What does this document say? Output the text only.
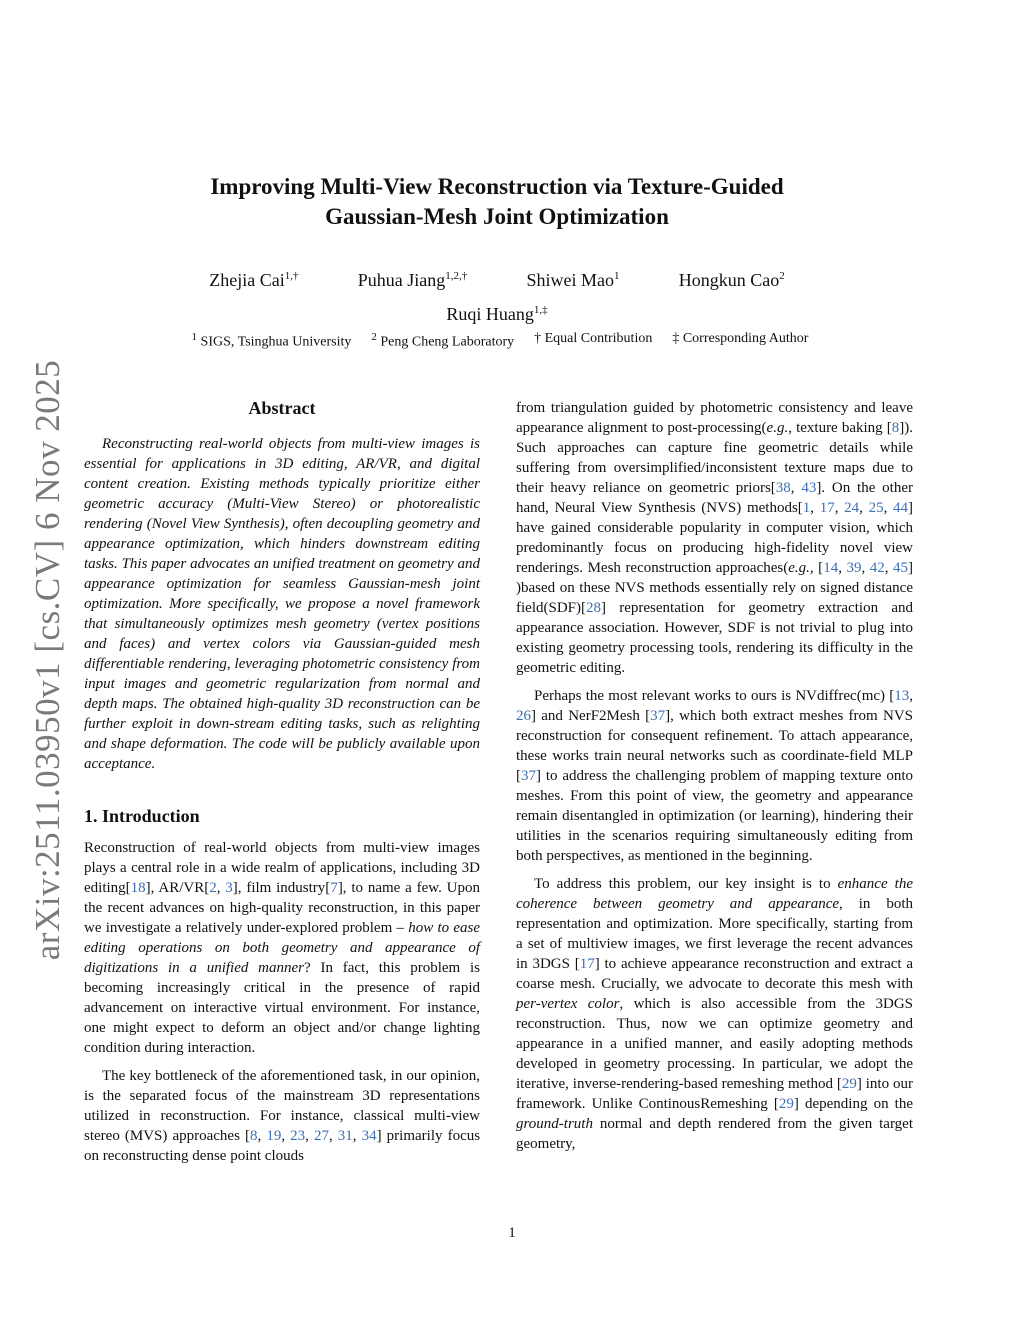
arXiv:2511.03950v1 [cs.CV] 6 Nov 2025
Improving Multi-View Reconstruction via Texture-Guided
Gaussian-Mesh Joint Optimization
Zhejia Cai$^{1,\dagger}$	Puhua Jiang$^{1,2,\dagger}$	Shiwei Mao$^1$	Hongkun Cao$^2$
Ruqi Huang$^{1,\ddagger}$
$^1$ SIGS, Tsinghua University $^2$ Peng Cheng Laboratory † Equal Contribution ‡ Corresponding Author
Abstract

Reconstructing real-world objects from multi-view images is essential for applications in 3D editing, AR/VR, and digital content creation. Existing methods typically prioritize either geometric accuracy (Multi-View Stereo) or photorealistic rendering (Novel View Synthesis), often decoupling geometry and appearance optimization, which hinders downstream editing tasks. This paper advocates an unified treatment on geometry and appearance optimization for seamless Gaussian-mesh joint optimization. More specifically, we propose a novel framework that simultaneously optimizes mesh geometry (vertex positions and faces) and vertex colors via Gaussian-guided mesh differentiable rendering, leveraging photometric consistency from input images and geometric regularization from normal and depth maps. The obtained high-quality 3D reconstruction can be further exploit in down-stream editing tasks, such as relighting and shape deformation. The code will be publicly available upon acceptance.

1. Introduction

Reconstruction of real-world objects from multi-view images plays a central role in a wide realm of applications, including 3D editing[18], AR/VR[2, 3], film industry[7], to name a few. Upon the recent advances on high-quality reconstruction, in this paper we investigate a relatively under-explored problem – how to ease editing operations on both geometry and appearance of digitizations in a unified manner? In fact, this problem is becoming increasingly critical in the presence of rapid advancement on interactive virtual environment. For instance, one might expect to deform an object and/or change lighting condition during interaction.

The key bottleneck of the aforementioned task, in our opinion, is the separated focus of the mainstream 3D representations utilized in reconstruction. For instance, classical multi-view stereo (MVS) approaches [8, 19, 23, 27, 31, 34] primarily focus on reconstructing dense point clouds

from triangulation guided by photometric consistency and leave appearance alignment to post-processing(e.g., texture baking [8]). Such approaches can capture fine geometric details while suffering from oversimplified/inconsistent texture maps due to their heavy reliance on geometric priors[38, 43]. On the other hand, Neural View Synthesis (NVS) methods[1, 17, 24, 25, 44] have gained considerable popularity in computer vision, which predominantly focus on producing high-fidelity novel view renderings. Mesh reconstruction approaches(e.g., [14, 39, 42, 45] )based on these NVS methods essentially rely on signed distance field(SDF)[28] representation for geometry extraction and appearance association. However, SDF is not trivial to plug into existing geometry processing tools, rendering its difficulty in the geometric editing.

Perhaps the most relevant works to ours is NVdiffrec(mc) [13, 26] and NerF2Mesh [37], which both extract meshes from NVS reconstruction for consequent refinement. To attach appearance, these works train neural networks such as coordinate-field MLP [37] to address the challenging problem of mapping texture onto meshes. From this point of view, the geometry and appearance remain disentangled in optimization (or learning), hindering their utilities in the scenarios requiring simultaneously editing from both perspectives, as mentioned in the beginning.

To address this problem, our key insight is to enhance the coherence between geometry and appearance, in both representation and optimization. More specifically, starting from a set of multiview images, we first leverage the recent advances in 3DGS [17] to achieve appearance reconstruction and extract a coarse mesh. Crucially, we advocate to decorate this mesh with per-vertex color, which is also accessible from the 3DGS reconstruction. Thus, now we can optimize geometry and appearance in a unified manner, and easily adopting methods developed in geometry processing. In particular, we adopt the iterative, inverse-rendering-based remeshing method [29] into our framework. Unlike ContinousRemeshing [29] depending on the ground-truth normal and depth rendered from the given target geometry,

1
